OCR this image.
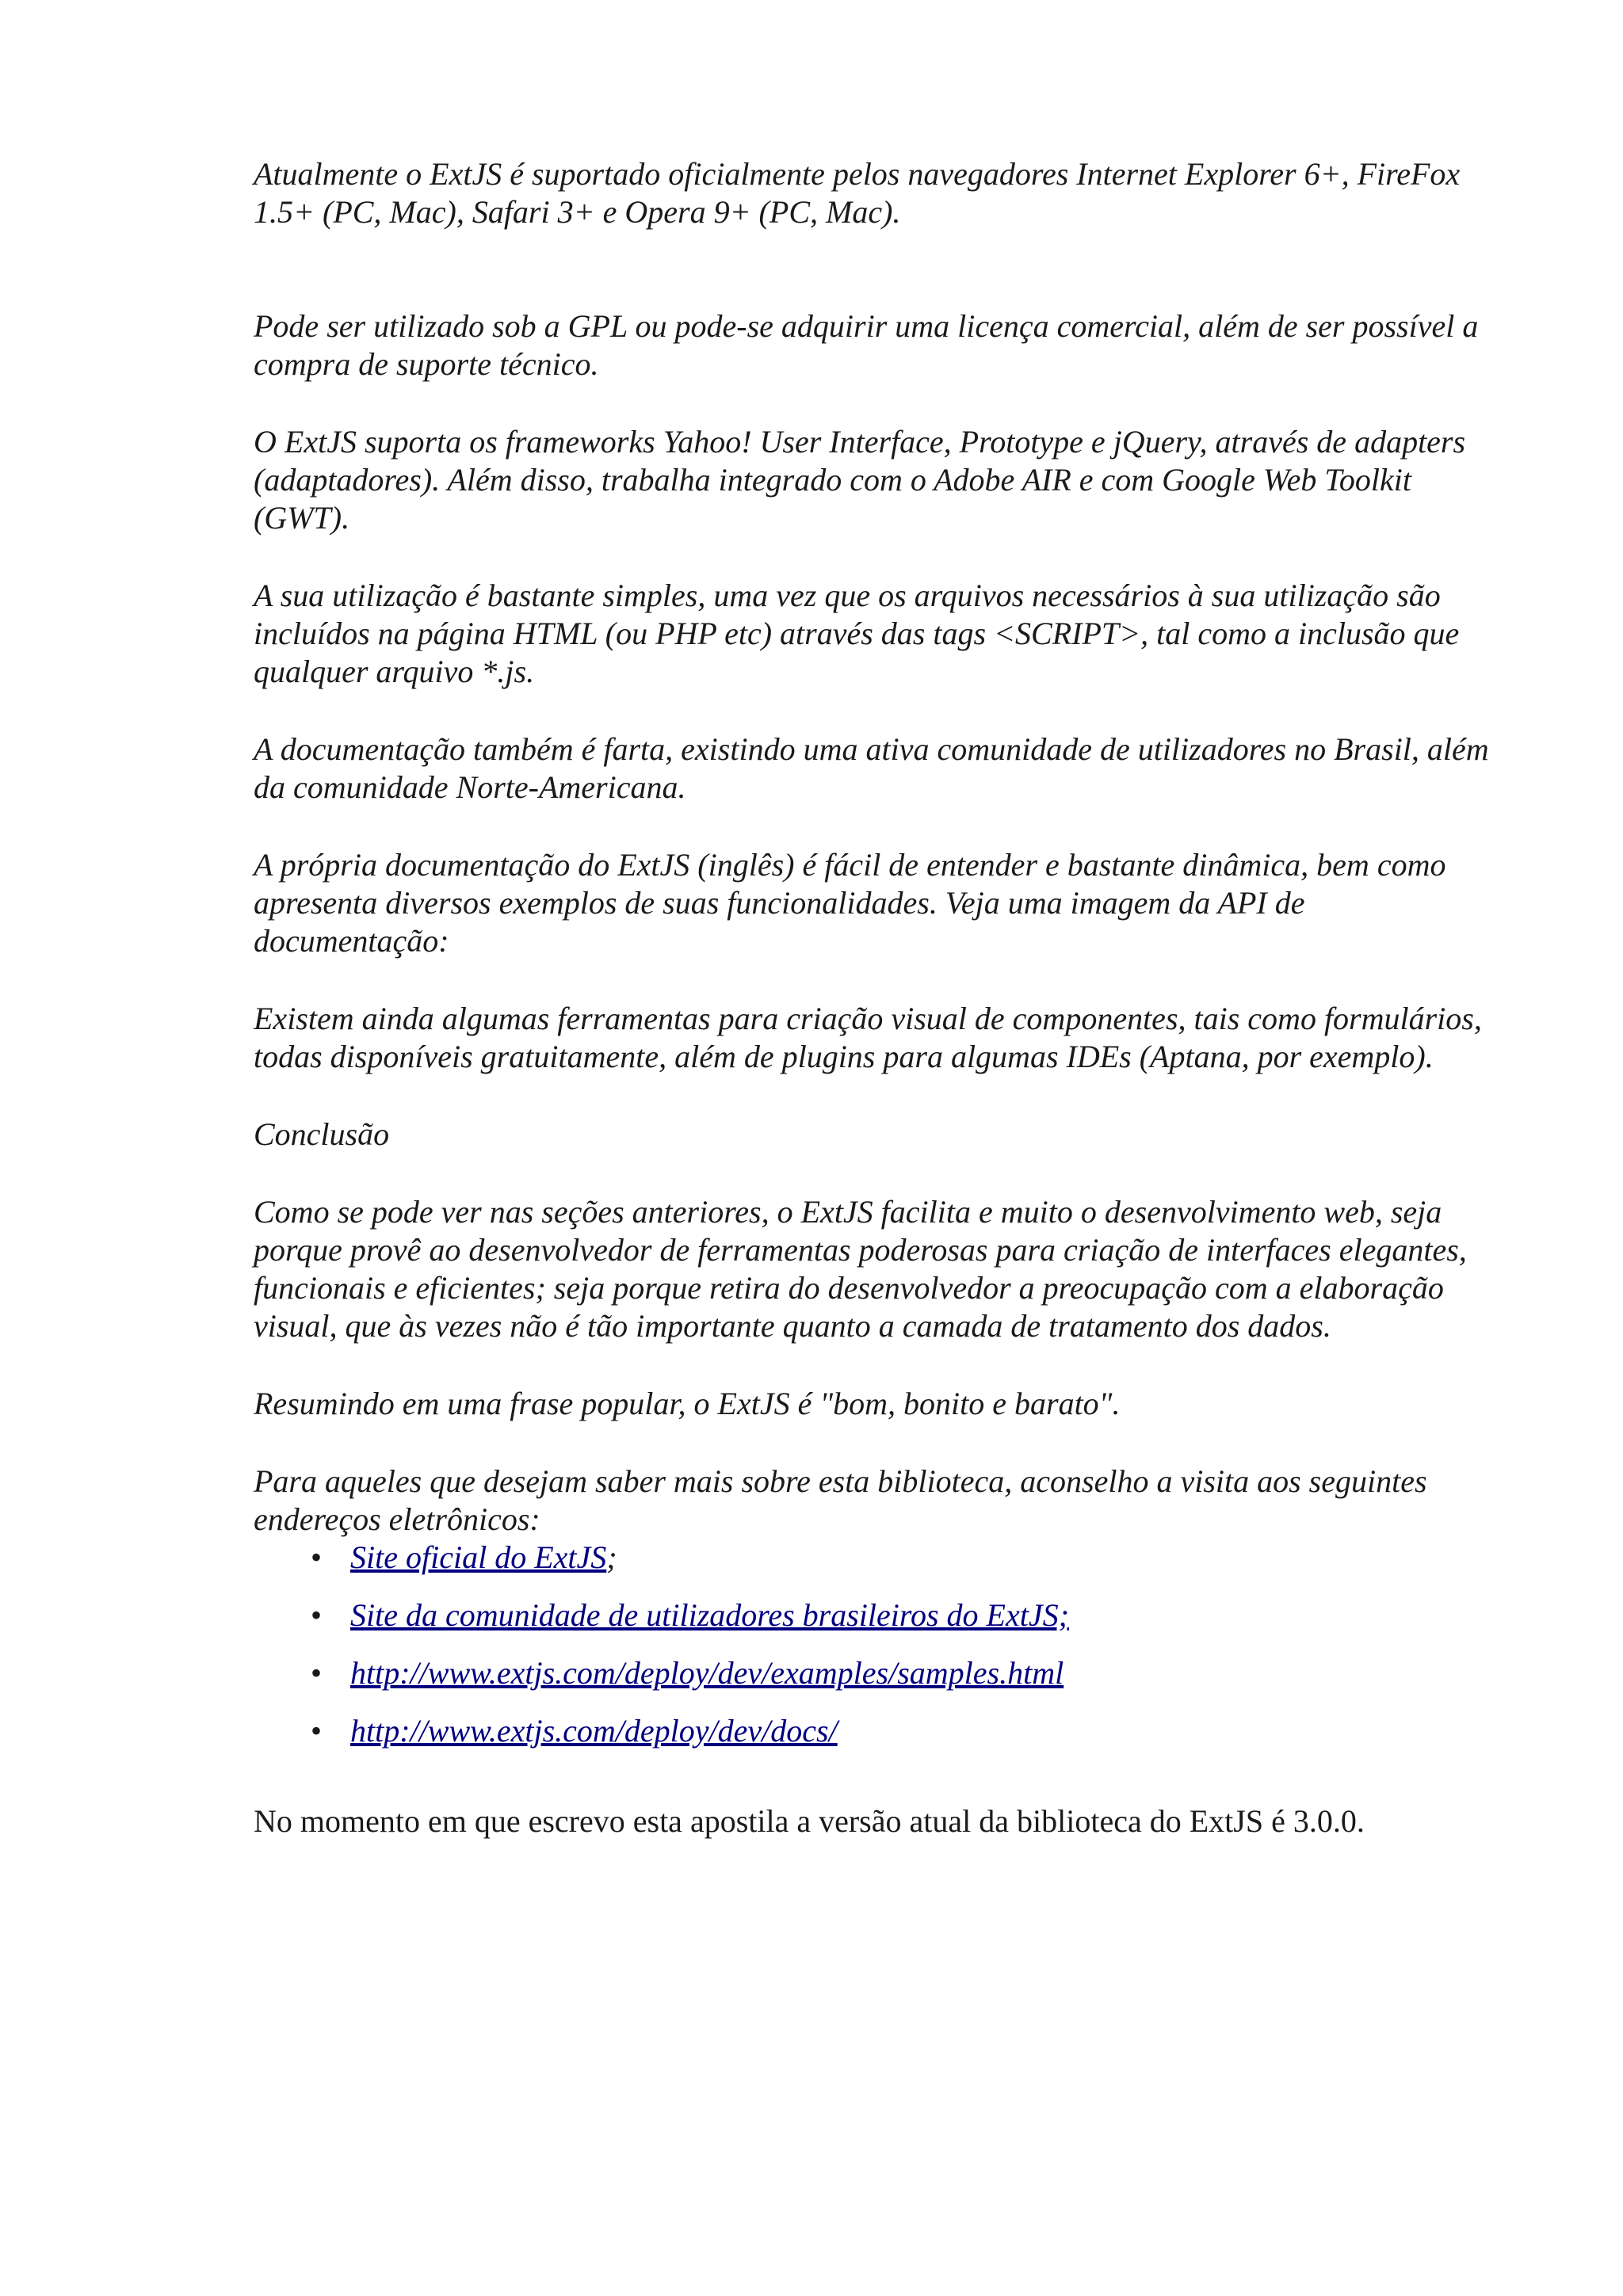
Atualmente o ExtJS é suportado oficialmente pelos navegadores Internet Explorer 6+, FireFox 1.5+ (PC, Mac), Safari 3+ e Opera 9+ (PC, Mac).

Pode ser utilizado sob a GPL ou pode-se adquirir uma licença comercial, além de ser possível a compra de suporte técnico.

O ExtJS suporta os frameworks Yahoo! User Interface, Prototype e jQuery, através de adapters (adaptadores). Além disso, trabalha integrado com o Adobe AIR e com Google Web Toolkit (GWT).

A sua utilização é bastante simples, uma vez que os arquivos necessários à sua utilização são incluídos na página HTML (ou PHP etc) através das tags <SCRIPT>, tal como a inclusão que qualquer arquivo *.js.

A documentação também é farta, existindo uma ativa comunidade de utilizadores no Brasil, além da comunidade Norte-Americana.

A própria documentação do ExtJS (inglês) é fácil de entender e bastante dinâmica, bem como apresenta diversos exemplos de suas funcionalidades. Veja uma imagem da API de documentação:

Existem ainda algumas ferramentas para criação visual de componentes, tais como formulários, todas disponíveis gratuitamente, além de plugins para algumas IDEs (Aptana, por exemplo).

Conclusão

Como se pode ver nas seções anteriores, o ExtJS facilita e muito o desenvolvimento web, seja porque provê ao desenvolvedor de ferramentas poderosas para criação de interfaces elegantes, funcionais e eficientes; seja porque retira do desenvolvedor a preocupação com a elaboração visual, que às vezes não é tão importante quanto a camada de tratamento dos dados.

Resumindo em uma frase popular, o ExtJS é "bom, bonito e barato".

Para aqueles que desejam saber mais sobre esta biblioteca, aconselho a visita aos seguintes endereços eletrônicos:

• Site oficial do ExtJS;
• Site da comunidade de utilizadores brasileiros do ExtJS;
• http://www.extjs.com/deploy/dev/examples/samples.html
• http://www.extjs.com/deploy/dev/docs/

No momento em que escrevo esta apostila a versão atual da biblioteca do ExtJS é 3.0.0.
